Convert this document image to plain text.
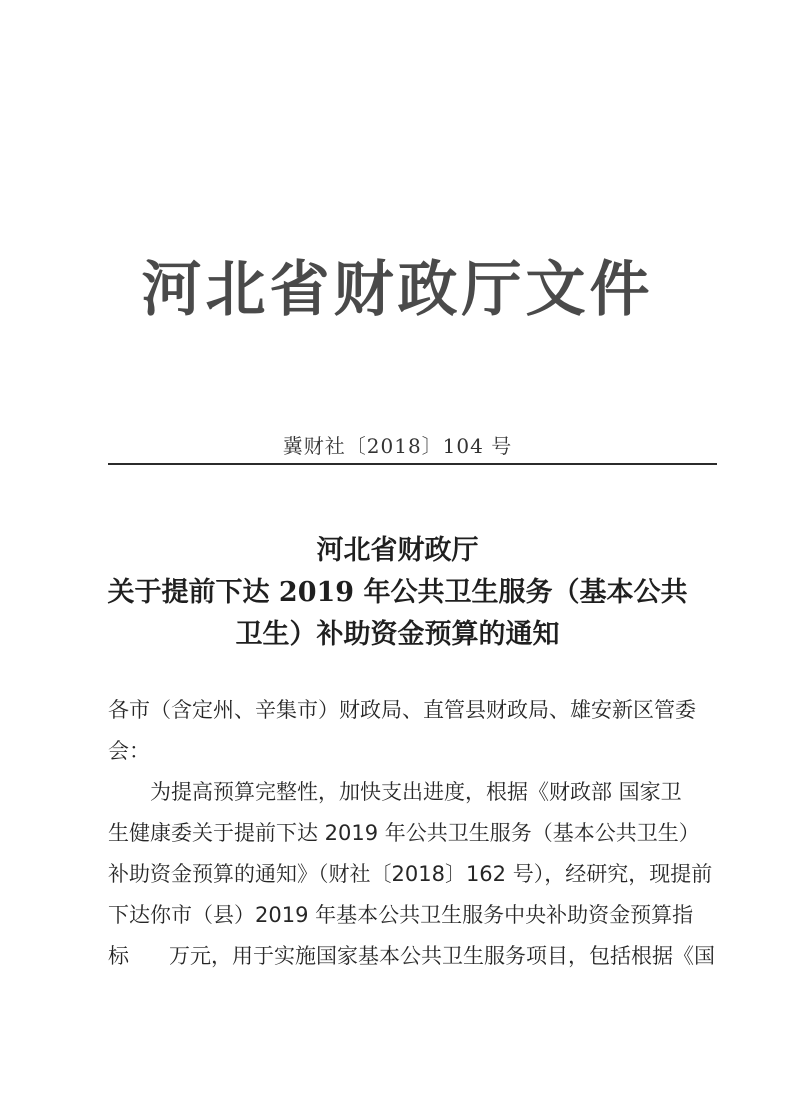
河北省财政厅文件
冀财社〔2018〕104 号
河北省财政厅
关于提前下达 2019 年公共卫生服务（基本公共
卫生）补助资金预算的通知
各市（含定州、辛集市）财政局、直管县财政局、雄安新区管委
会：
为提高预算完整性，加快支出进度，根据《财政部 国家卫
生健康委关于提前下达 2019 年公共卫生服务（基本公共卫生）
补助资金预算的通知》（财社〔2018〕162 号），经研究，现提前
下达你市（县）2019 年基本公共卫生服务中央补助资金预算指
标 万元，用于实施国家基本公共卫生服务项目，包括根据《国
